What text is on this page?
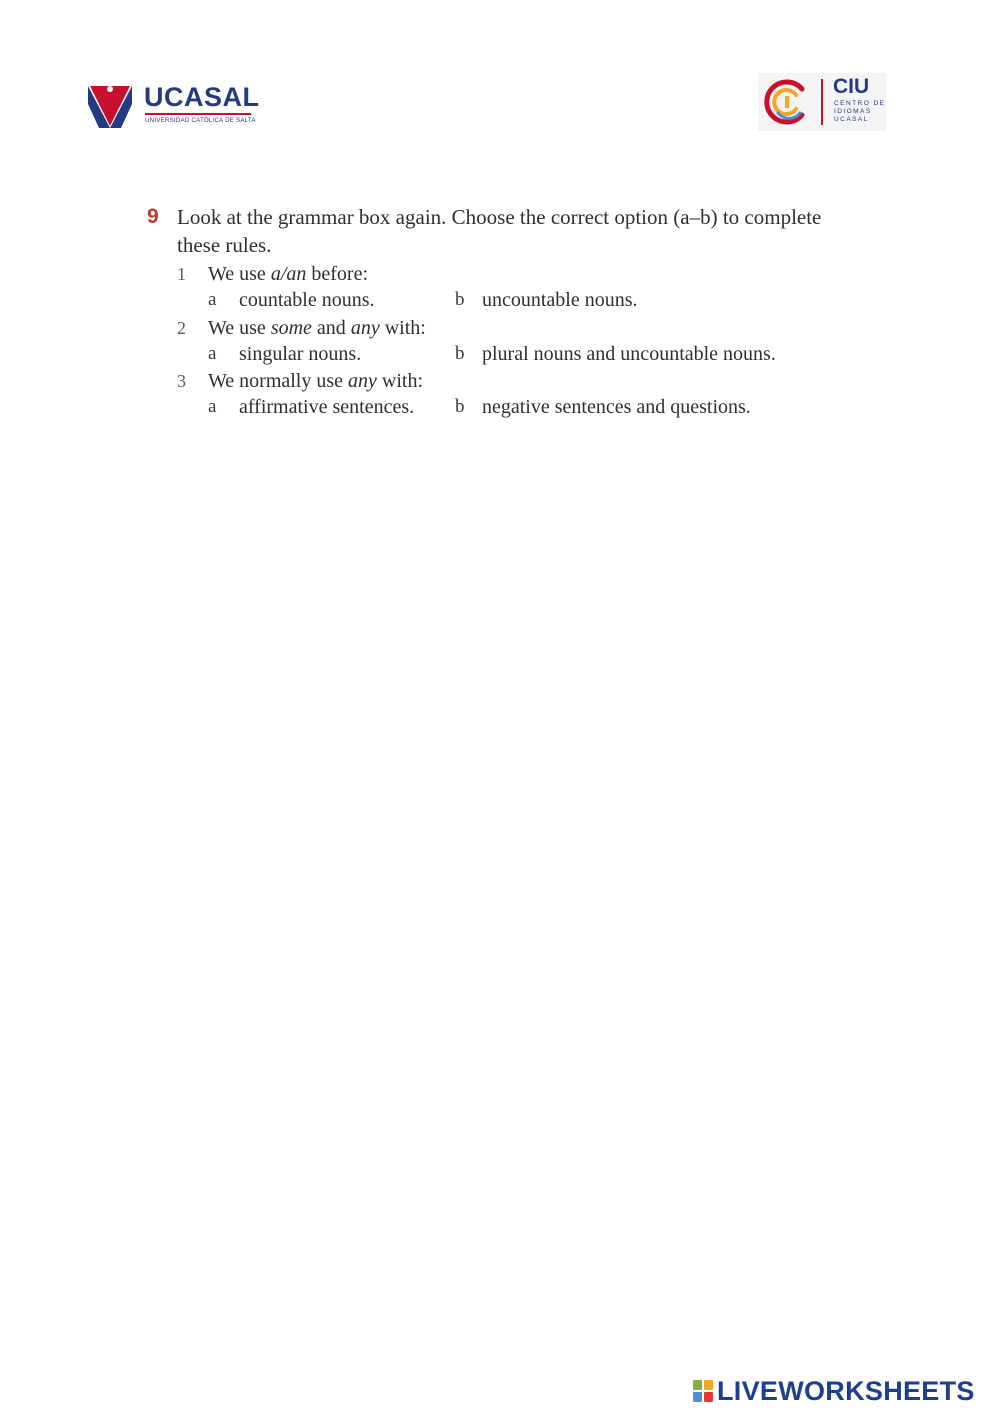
UCASAL
UNIVERSIDAD CATÓLICA DE SALTA
CIU
CENTRO DE
IDIOMAS
UCASAL
9 Look at the grammar box again. Choose the correct option (a–b) to complete these rules.
1 We use a/an before:
a countable nouns.	b uncountable nouns.
2 We use some and any with:
a singular nouns.	b plural nouns and uncountable nouns.
3 We normally use any with:
a affirmative sentences. b negative sentences and questions.
LIVEWORKSHEETS
